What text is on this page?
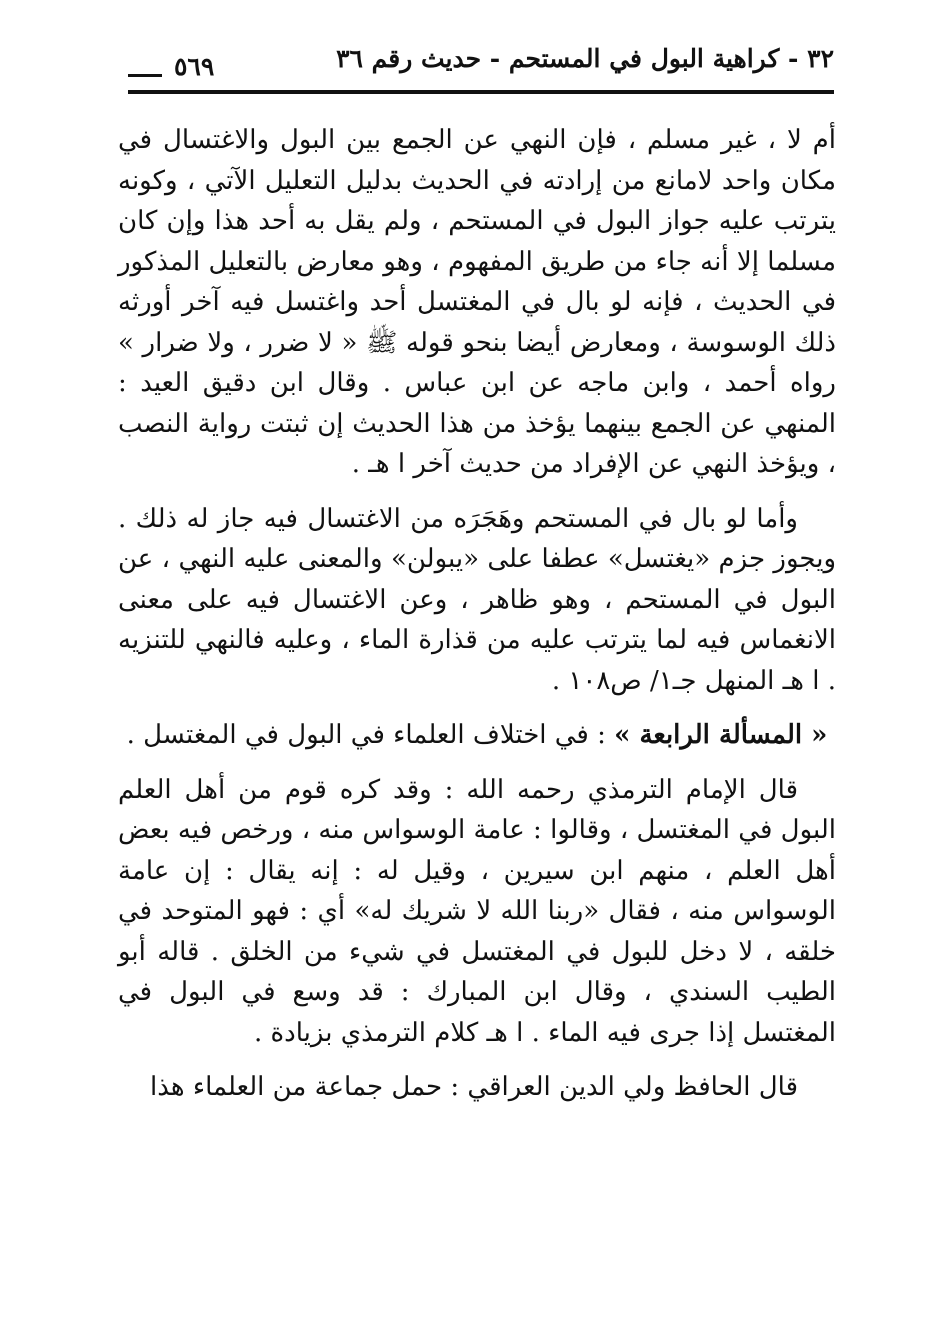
٣٢ - كراهية البول في المستحم - حديث رقم ٣٦
٥٦٩

أم لا ، غير مسلم ، فإن النهي عن الجمع بين البول والاغتسال في مكان واحد لامانع من إرادته في الحديث بدليل التعليل الآتي ، وكونه يترتب عليه جواز البول في المستحم ، ولم يقل به أحد هذا وإن كان مسلما إلا أنه جاء من طريق المفهوم ، وهو معارض بالتعليل المذكور في الحديث ، فإنه لو بال في المغتسل أحد واغتسل فيه آخر أورثه ذلك الوسوسة ، ومعارض أيضا بنحو قوله ﷺ « لا ضرر ، ولا ضرار » رواه أحمد ، وابن ماجه عن ابن عباس . وقال ابن دقيق العيد : المنهي عن الجمع بينهما يؤخذ من هذا الحديث إن ثبتت رواية النصب ، ويؤخذ النهي عن الإفراد من حديث آخر ا هـ .

وأما لو بال في المستحم وهَجَرَه من الاغتسال فيه جاز له ذلك . ويجوز جزم «يغتسل» عطفا على «يبولن» والمعنى عليه النهي ، عن البول في المستحم ، وهو ظاهر ، وعن الاغتسال فيه على معنى الانغماس فيه لما يترتب عليه من قذارة الماء ، وعليه فالنهي للتنزيه . ا هـ المنهل جـ١/ ص١٠٨ .

« المسألة الرابعة » : في اختلاف العلماء في البول في المغتسل .

قال الإمام الترمذي رحمه الله : وقد كره قوم من أهل العلم البول في المغتسل ، وقالوا : عامة الوسواس منه ، ورخص فيه بعض أهل العلم ، منهم ابن سيرين ، وقيل له : إنه يقال : إن عامة الوسواس منه ، فقال «ربنا الله لا شريك له» أي : فهو المتوحد في خلقه ، لا دخل للبول في المغتسل في شيء من الخلق . قاله أبو الطيب السندي ، وقال ابن المبارك : قد وسع في البول في المغتسل إذا جرى فيه الماء . ا هـ كلام الترمذي بزيادة .

قال الحافظ ولي الدين العراقي : حمل جماعة من العلماء هذا
